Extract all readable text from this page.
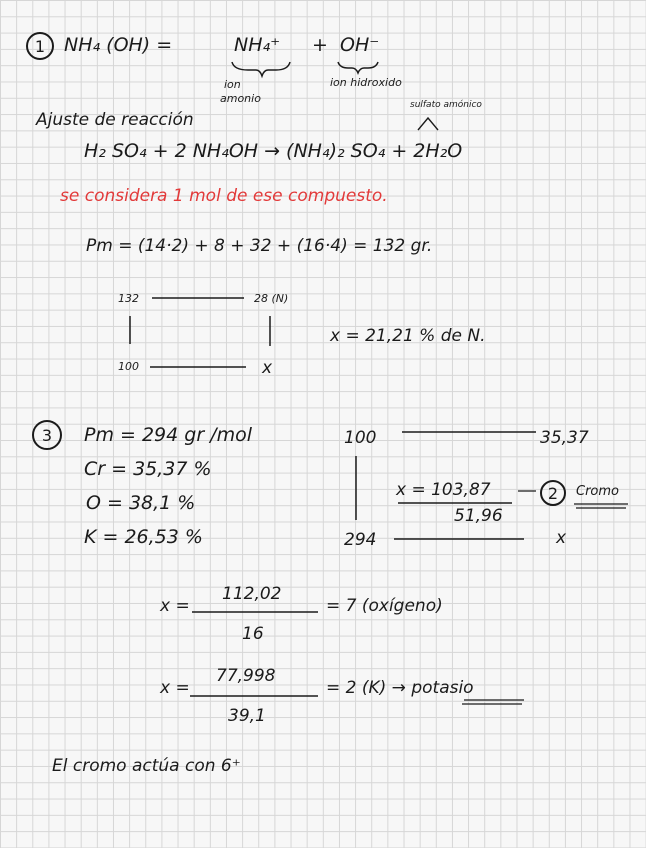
1 NH₄ (OH) =	NH₄⁺ + OH⁻
ion
amonio
ion hidroxido
Ajuste de reacción
sulfato amónico
H₂ SO₄ + 2 NH₄OH → (NH₄)₂ SO₄ + 2H₂O
se considera 1 mol de ese compuesto.
Pm = (14·2) + 8 + 32 + (16·4) = 132 gr.
132	28 (N)
100	x
x = 21,21 % de N.
3 Pm = 294 gr /mol
Cr = 35,37 %
O = 38,1 %
K = 26,53 %
100	35,37
x = 103,87
51,96
2 Cromo
294	x
x =
112,02
16
= 7 (oxígeno)
x =
77,998
39,1
= 2 (K) → potasio
El cromo actúa con 6⁺
